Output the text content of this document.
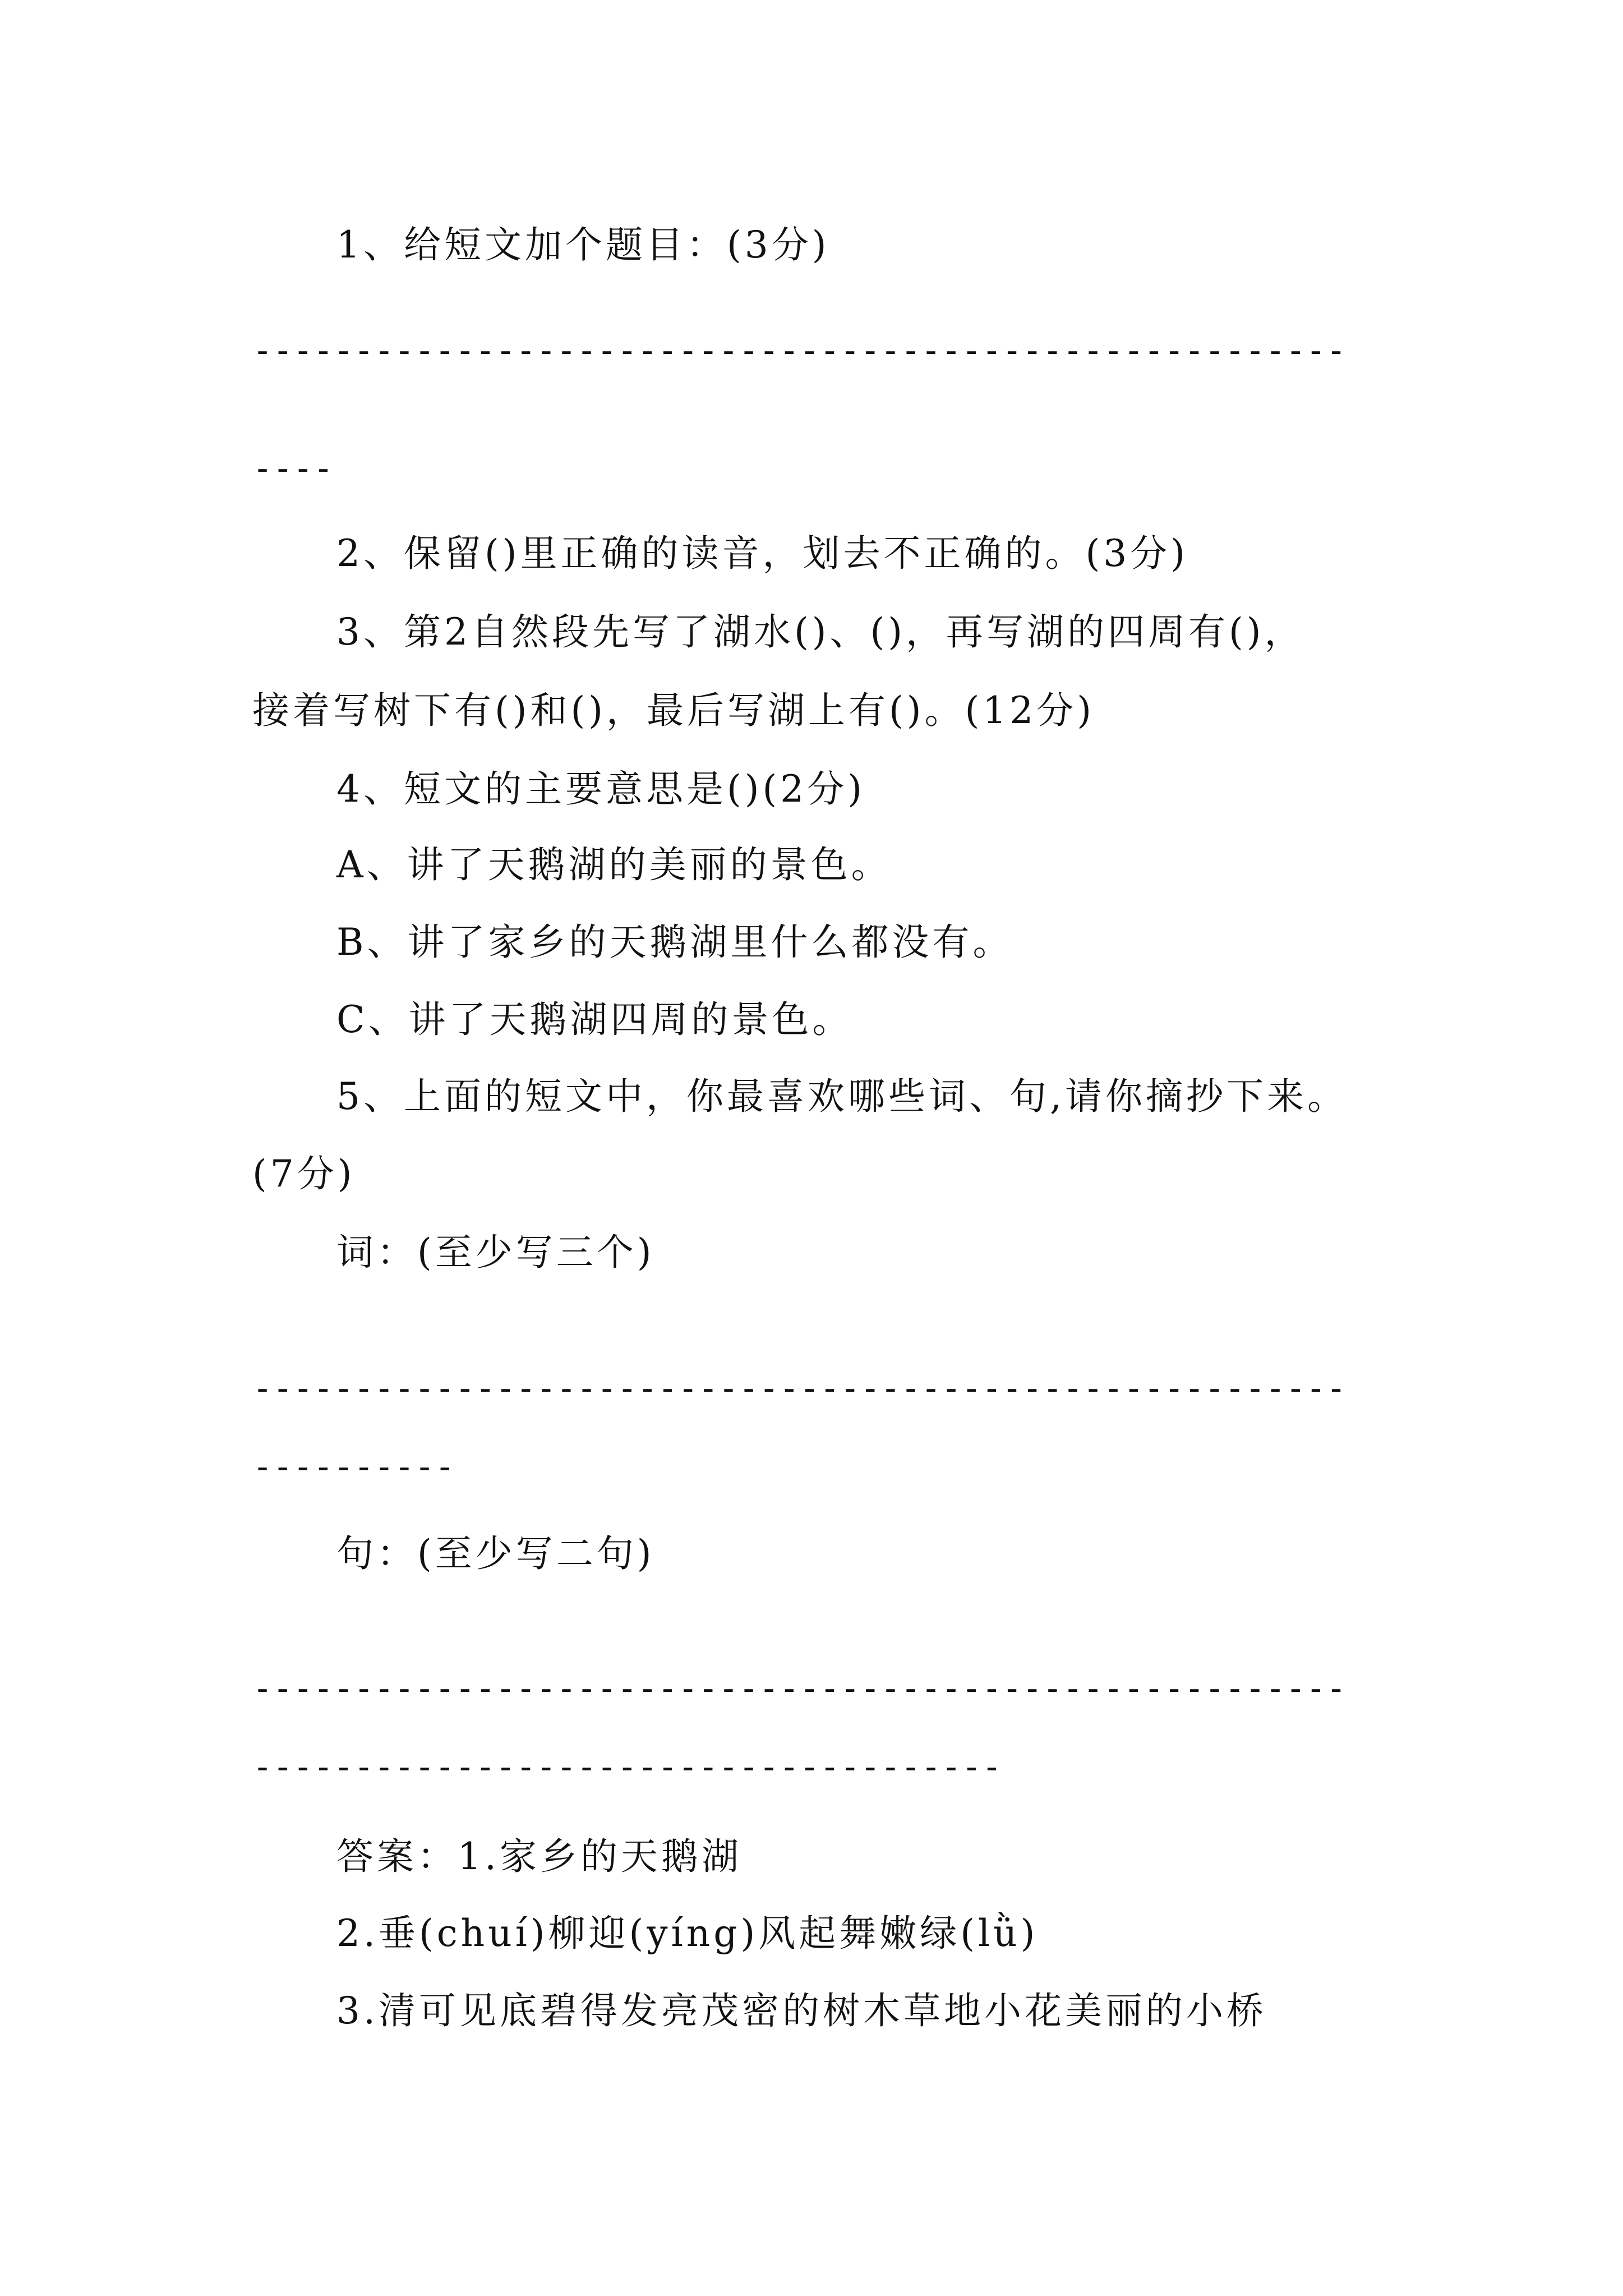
1、给短文加个题目：(3分)
------------------------------------------------------
----
2、保留()里正确的读音，划去不正确的。(3分)
3、第2自然段先写了湖水()、()，再写湖的四周有()，
接着写树下有()和()，最后写湖上有()。(12分)
4、短文的主要意思是()(2分)
A、讲了天鹅湖的美丽的景色。
B、讲了家乡的天鹅湖里什么都没有。
C、讲了天鹅湖四周的景色。
5、上面的短文中，你最喜欢哪些词、句,请你摘抄下来。
(7分)
词：(至少写三个)
------------------------------------------------------
----------
句：(至少写二句)
------------------------------------------------------
-------------------------------------
答案：1.家乡的天鹅湖
2.垂(chuí)柳迎(yíng)风起舞嫩绿(lǜ)
3.清可见底碧得发亮茂密的树木草地小花美丽的小桥
